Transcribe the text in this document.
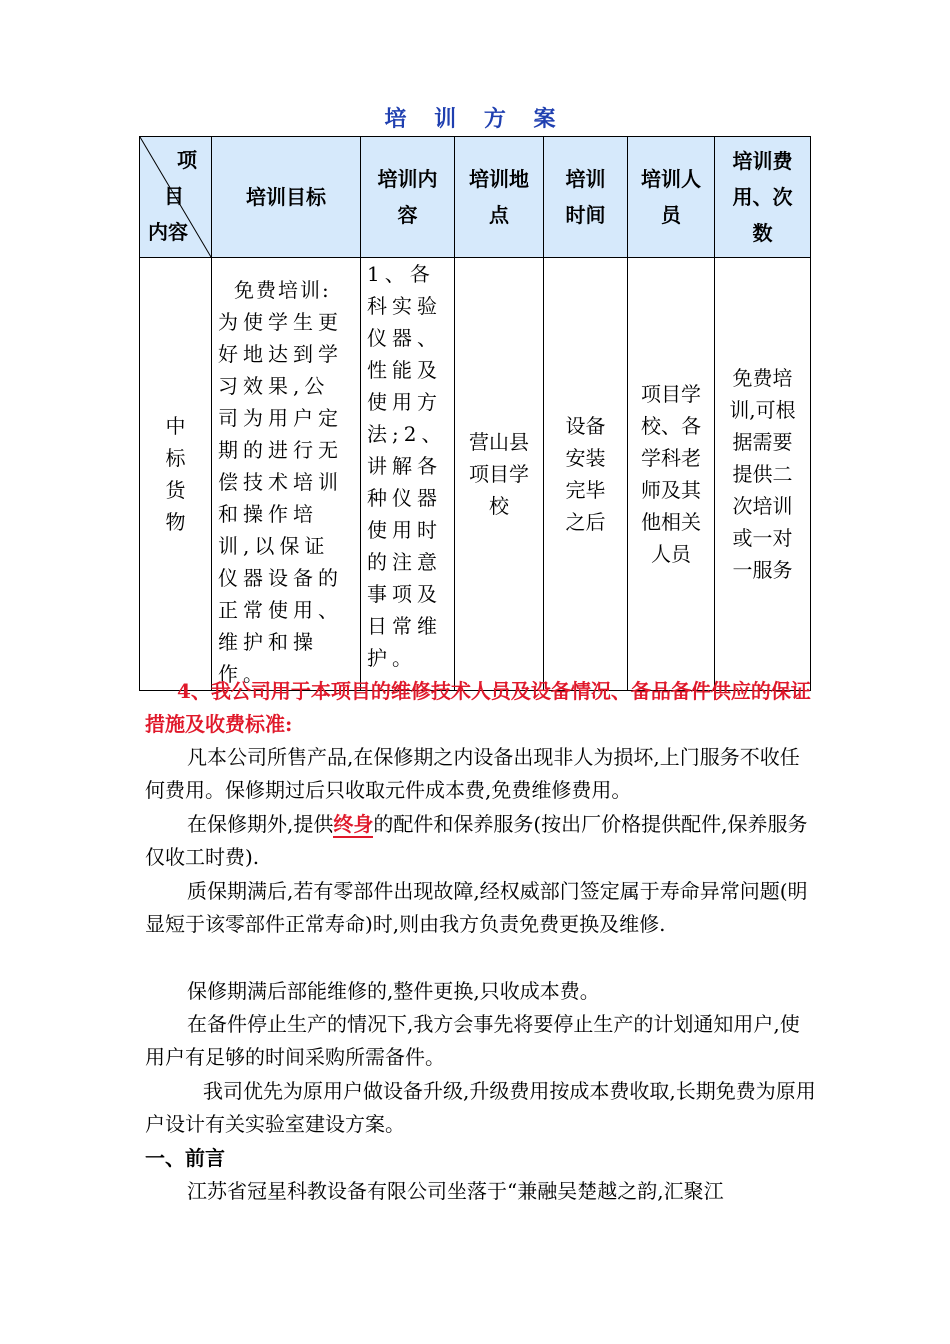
培 训 方 案
项
目
内容	培训目标	培训内容	培训地点	培训时间	培训人员	培训费用、次数

中标货物	免费培训:
为使学生更好地达到学习效果,公司为用户定期的进行无偿技术培训和操作培训,以保证仪器设备的正常使用、维护和操作。	1、各科实验仪器、性能及使用方法;2、讲解各种仪器使用时的注意事项及日常维护。	营山县项目学校	设备安装完毕之后	项目学校、各学科老师及其他相关人员	免费培训,可根据需要提供二次培训或一对一服务

4、我公司用于本项目的维修技术人员及设备情况、备品备件供应的保证措施及收费标准:

凡本公司所售产品,在保修期之内设备出现非人为损坏,上门服务不收任何费用。保修期过后只收取元件成本费,免费维修费用。

在保修期外,提供终身的配件和保养服务(按出厂价格提供配件,保养服务仅收工时费).

质保期满后,若有零部件出现故障,经权威部门签定属于寿命异常问题(明显短于该零部件正常寿命)时,则由我方负责免费更换及维修.

保修期满后部能维修的,整件更换,只收成本费。

在备件停止生产的情况下,我方会事先将要停止生产的计划通知用户,使用户有足够的时间采购所需备件。

我司优先为原用户做设备升级,升级费用按成本费收取,长期免费为原用户设计有关实验室建设方案。

一、前言

江苏省冠星科教设备有限公司坐落于“兼融吴楚越之韵,汇聚江
